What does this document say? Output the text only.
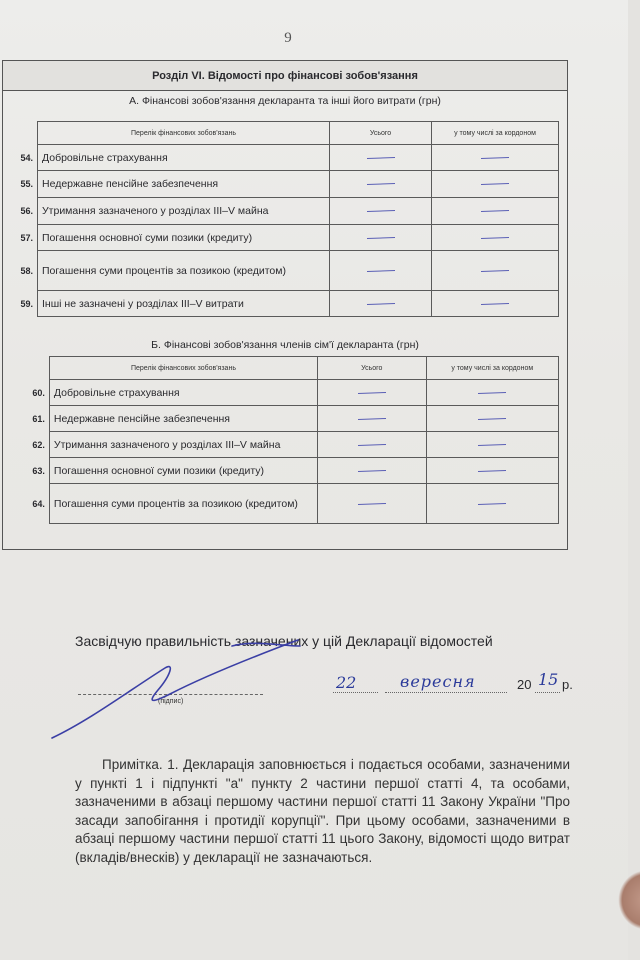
9
Розділ VI. Відомості про фінансові зобов'язання
А. Фінансові зобов'язання декларанта та інші його витрати (грн)
	Перелік фінансових зобов'язань	Усього	у тому числі за кордоном
54.	Добровільне страхування	

55.	Недержавне пенсійне забезпечення	

56.	Утримання зазначеного у розділах III–V майна	

57.	Погашення основної суми позики (кредиту)	

58.	Погашення суми процентів за позикою (кредитом)	

59.	Інші не зазначені у розділах III–V витрати	

Б. Фінансові зобов'язання членів сім'ї декларанта (грн)
	Перелік фінансових зобов'язань	Усього	у тому числі за кордоном
60.	Добровільне страхування	

61.	Недержавне пенсійне забезпечення	

62.	Утримання зазначеного у розділах III–V майна	

63.	Погашення основної суми позики (кредиту)	

64.	Погашення суми процентів за позикою (кредитом)	

Засвідчую правильність зазначених у цій Декларації відомостей
(підпис)
22	вересня	20 15 р.
Примітка. 1. Декларація заповнюється і подається особами, зазначеними у пункті 1 і підпункті "а" пункту 2 частини першої статті 4, та особами, зазначеними в абзаці першому частини першої статті 11 Закону України "Про засади запобігання і протидії корупції". При цьому особами, зазначеними в абзаці першому частини першої статті 11 цього Закону, відомості щодо витрат (вкладів/внесків) у декларації не зазначаються.
